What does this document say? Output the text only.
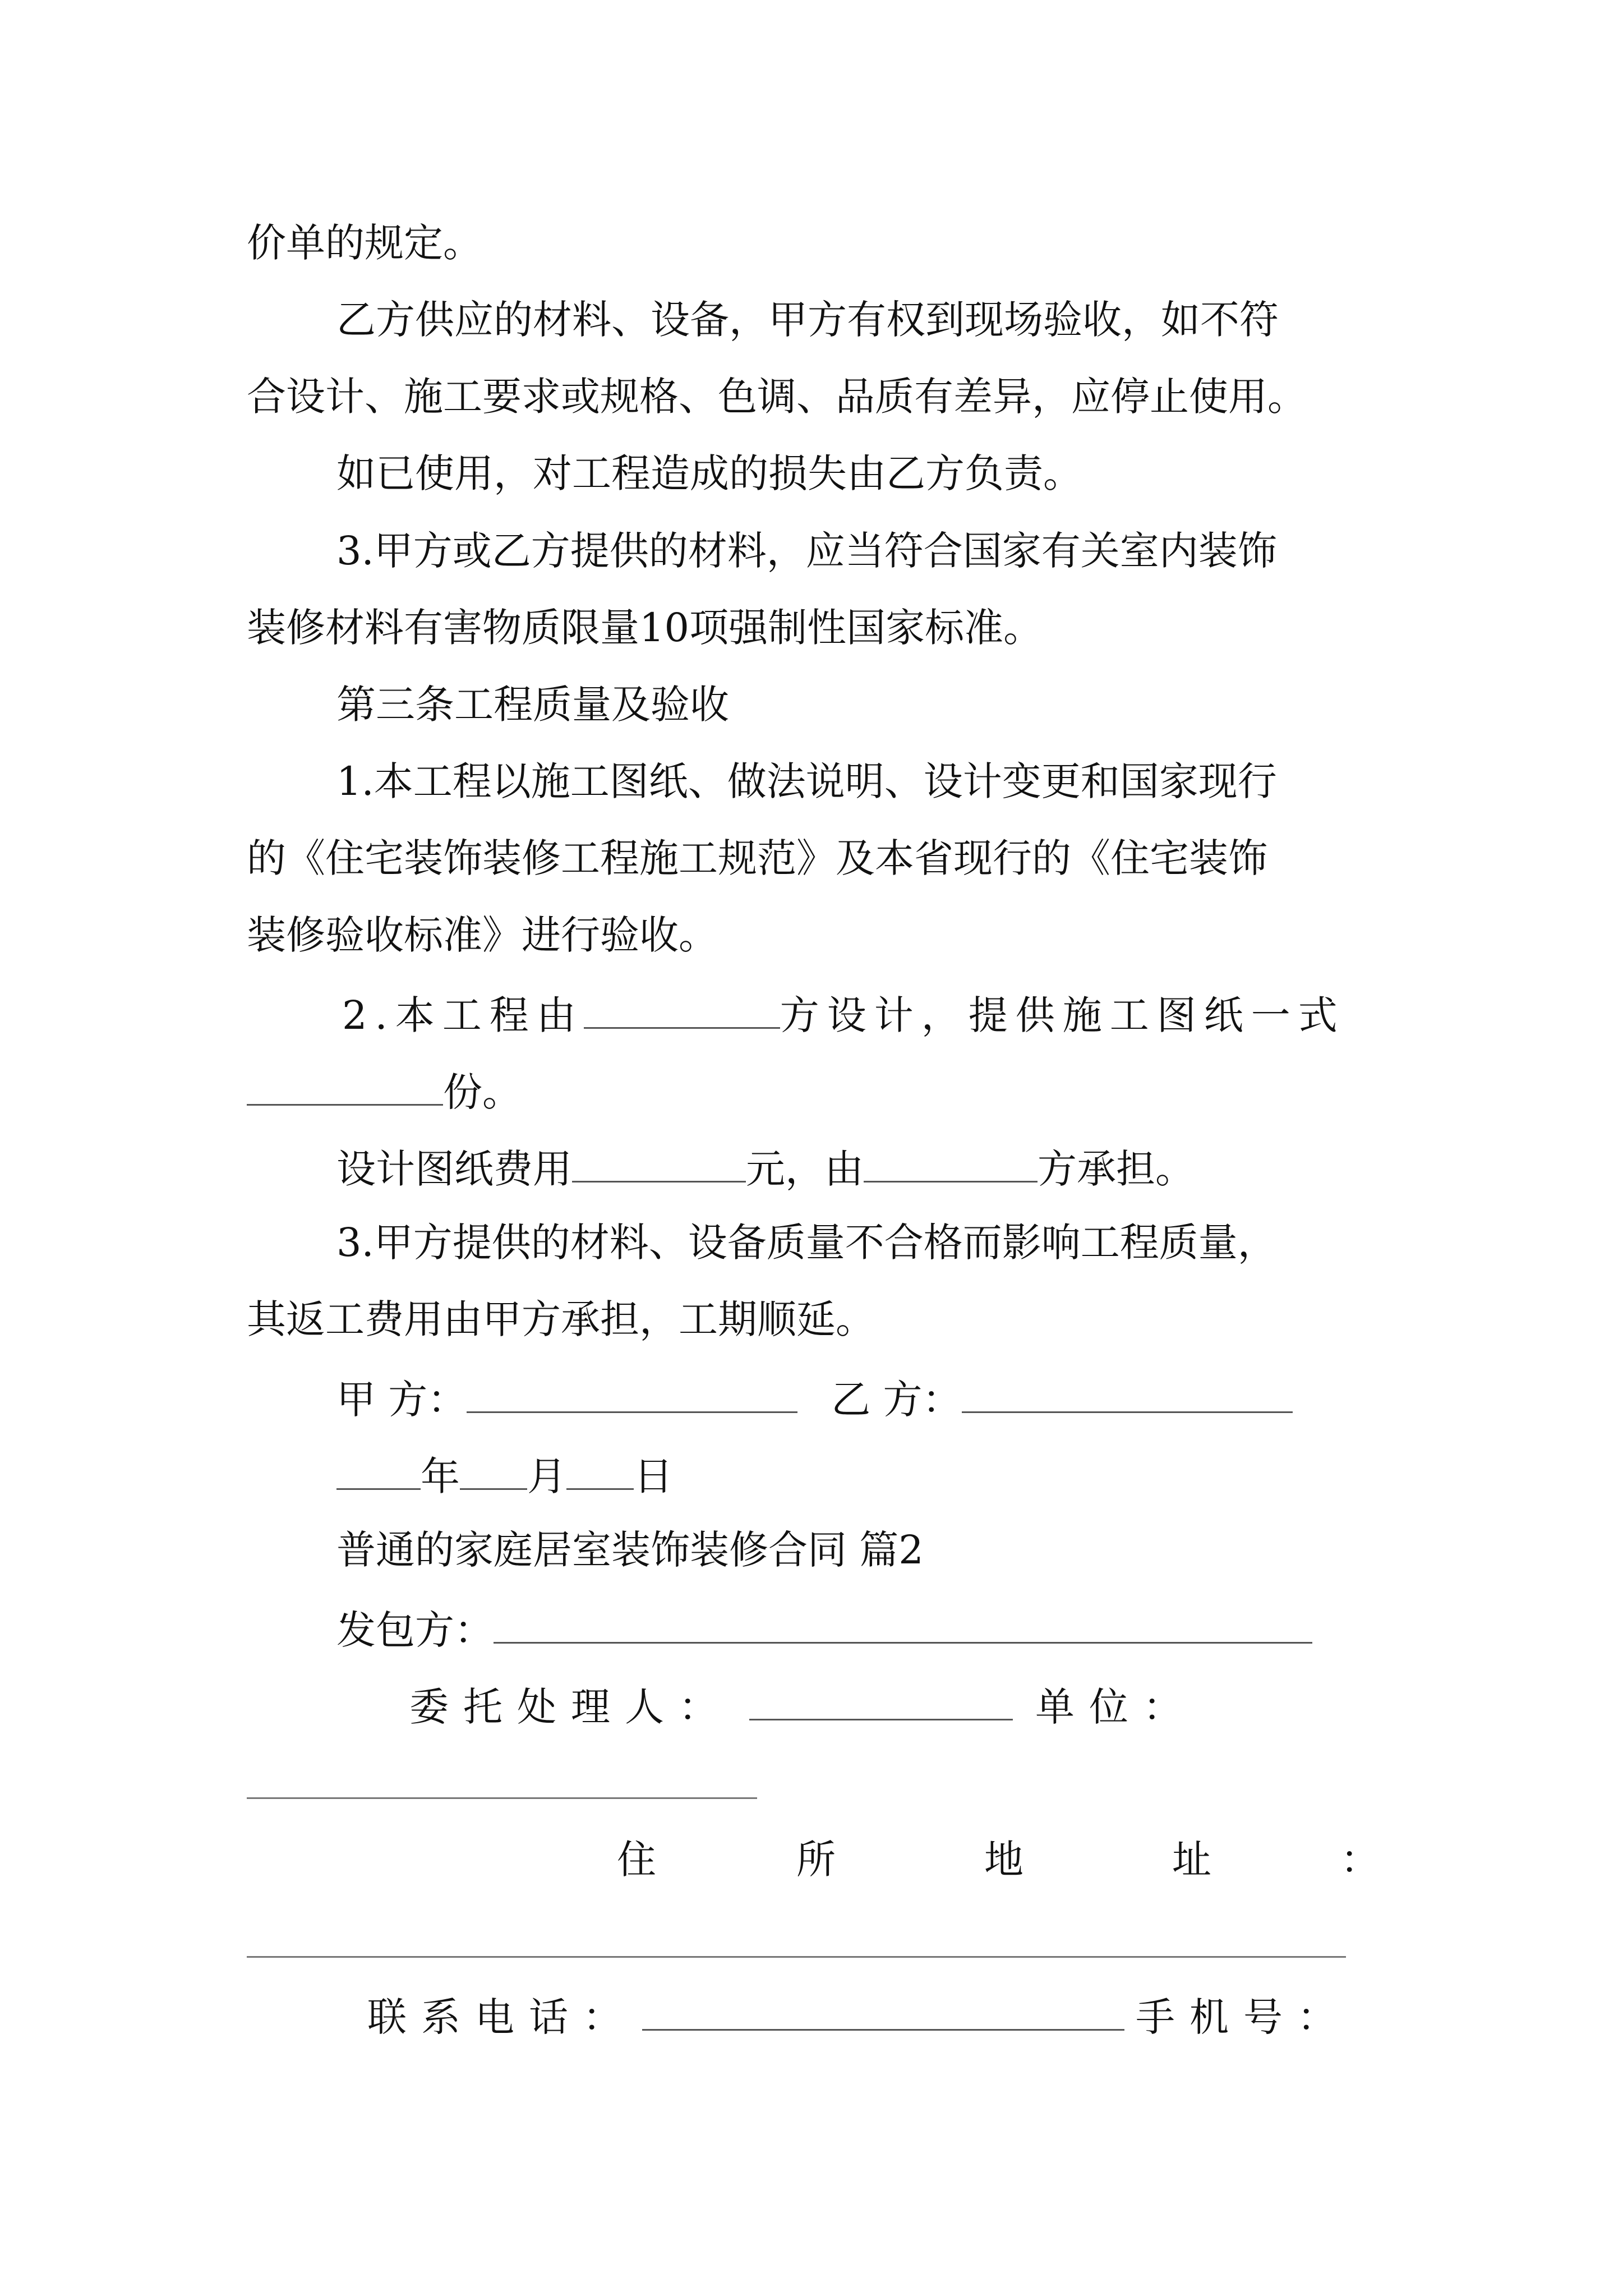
价单的规定。
乙方供应的材料、设备，甲方有权到现场验收，如不符
合设计、施工要求或规格、色调、品质有差异，应停止使用。
如已使用，对工程造成的损失由乙方负责。
3.甲方或乙方提供的材料，应当符合国家有关室内装饰
装修材料有害物质限量10项强制性国家标准。
第三条工程质量及验收
1.本工程以施工图纸、做法说明、设计变更和国家现行
的《住宅装饰装修工程施工规范》及本省现行的《住宅装饰
装修验收标准》进行验收。
2.本工程由	方设计，提供施工图纸一式
份。
设计图纸费用	元，由	方承担。
3.甲方提供的材料、设备质量不合格而影响工程质量，
其返工费用由甲方承担，工期顺延。
甲 方：	乙 方：
年 月 日
普通的家庭居室装饰装修合同 篇2
发包方：
委托处理人：	单位：
住	所	地	址	：
联系电话：	手机号：
